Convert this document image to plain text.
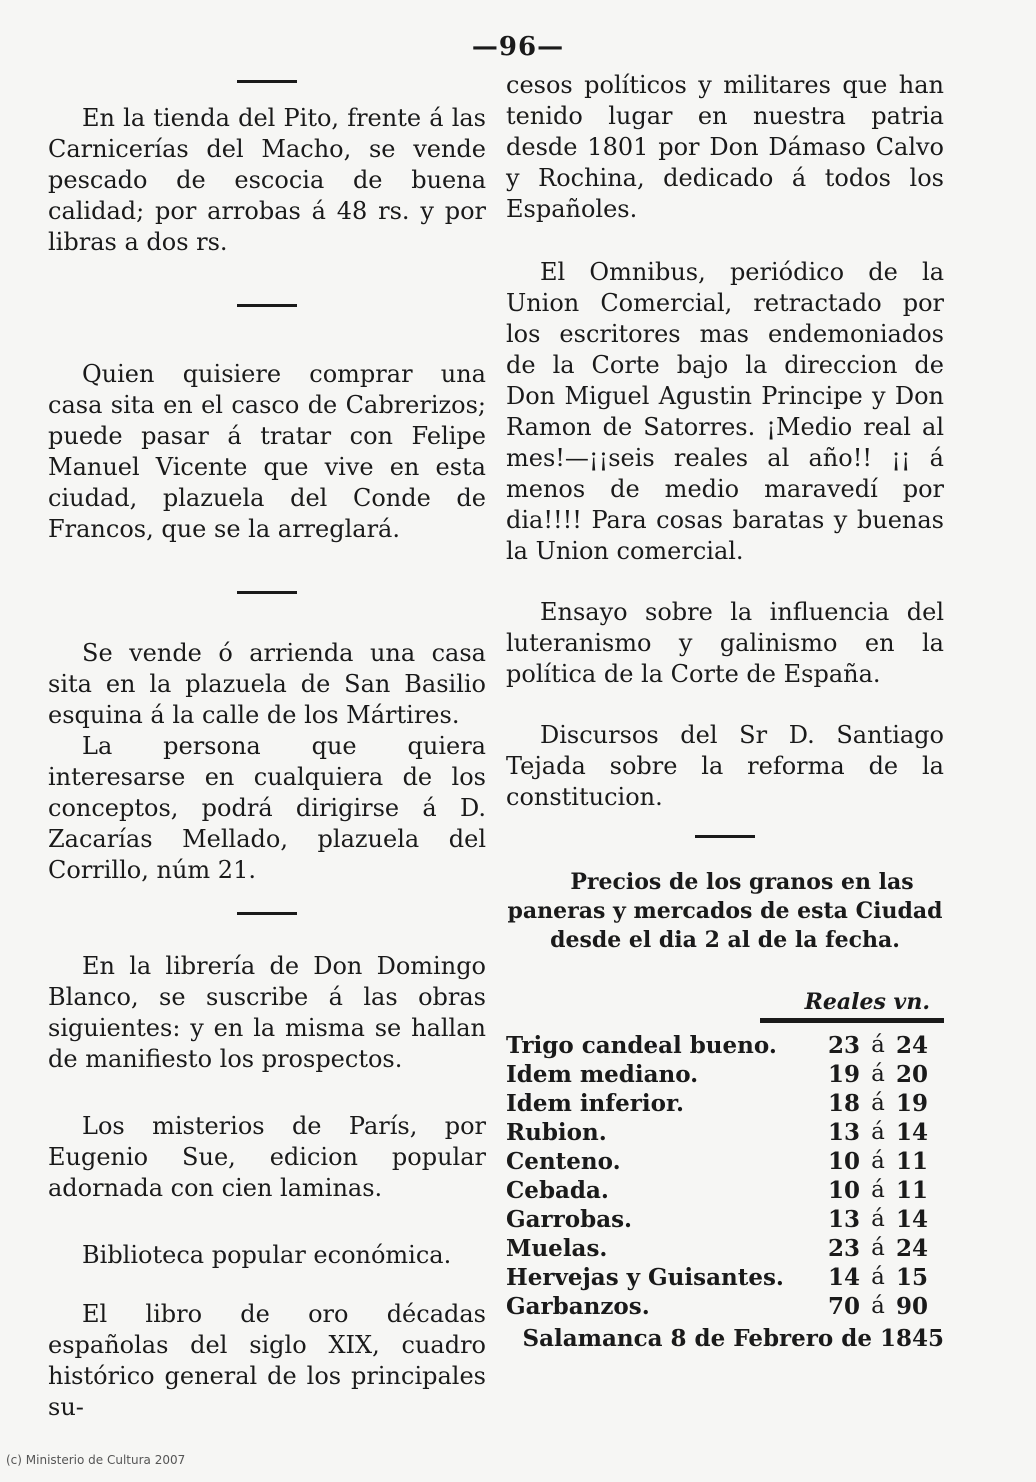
—96—

En la tienda del Pito, frente á las Carnicerías del Macho, se vende pescado de escocia de buena calidad; por arrobas á 48 rs. y por libras a dos rs.

Quien quisiere comprar una casa sita en el casco de Cabrerizos; puede pasar á tratar con Felipe Manuel Vicente que vive en esta ciudad, plazuela del Conde de Francos, que se la arreglará.

Se vende ó arrienda una casa sita en la plazuela de San Basilio esquina á la calle de los Mártires.

La persona que quiera interesarse en cualquiera de los conceptos, podrá dirigirse á D. Zacarías Mellado, plazuela del Corrillo, núm 21.

En la librería de Don Domingo Blanco, se suscribe á las obras siguientes: y en la misma se hallan de manifiesto los prospectos.

Los misterios de París, por Eugenio Sue, edicion popular adornada con cien laminas.

Biblioteca popular económica.

El libro de oro décadas españolas del siglo XIX, cuadro histórico general de los principales su-

cesos políticos y militares que han tenido lugar en nuestra patria desde 1801 por Don Dámaso Calvo y Rochina, dedicado á todos los Españoles.

El Omnibus, periódico de la Union Comercial, retractado por los escritores mas endemoniados de la Corte bajo la direccion de Don Miguel Agustin Principe y Don Ramon de Satorres. ¡Medio real al mes!—¡¡seis reales al año!! ¡¡ á menos de medio maravedí por dia!!!! Para cosas baratas y buenas la Union comercial.

Ensayo sobre la influencia del luteranismo y galinismo en la política de la Corte de España.

Discursos del Sr D. Santiago Tejada sobre la reforma de la constitucion.

Precios de los granos en las paneras y mercados de esta Ciudad desde el dia 2 al de la fecha.

Reales vn.
Trigo candeal bueno.	23	á	24
Idem mediano.	19	á	20
Idem inferior.	18	á	19
Rubion.	13	á	14
Centeno.	10	á	11
Cebada.	10	á	11
Garrobas.	13	á	14
Muelas.	23	á	24
Hervejas y Guisantes.	14	á	15
Garbanzos.	70	á	90
Salamanca 8 de Febrero de 1845
(c) Ministerio de Cultura 2007
